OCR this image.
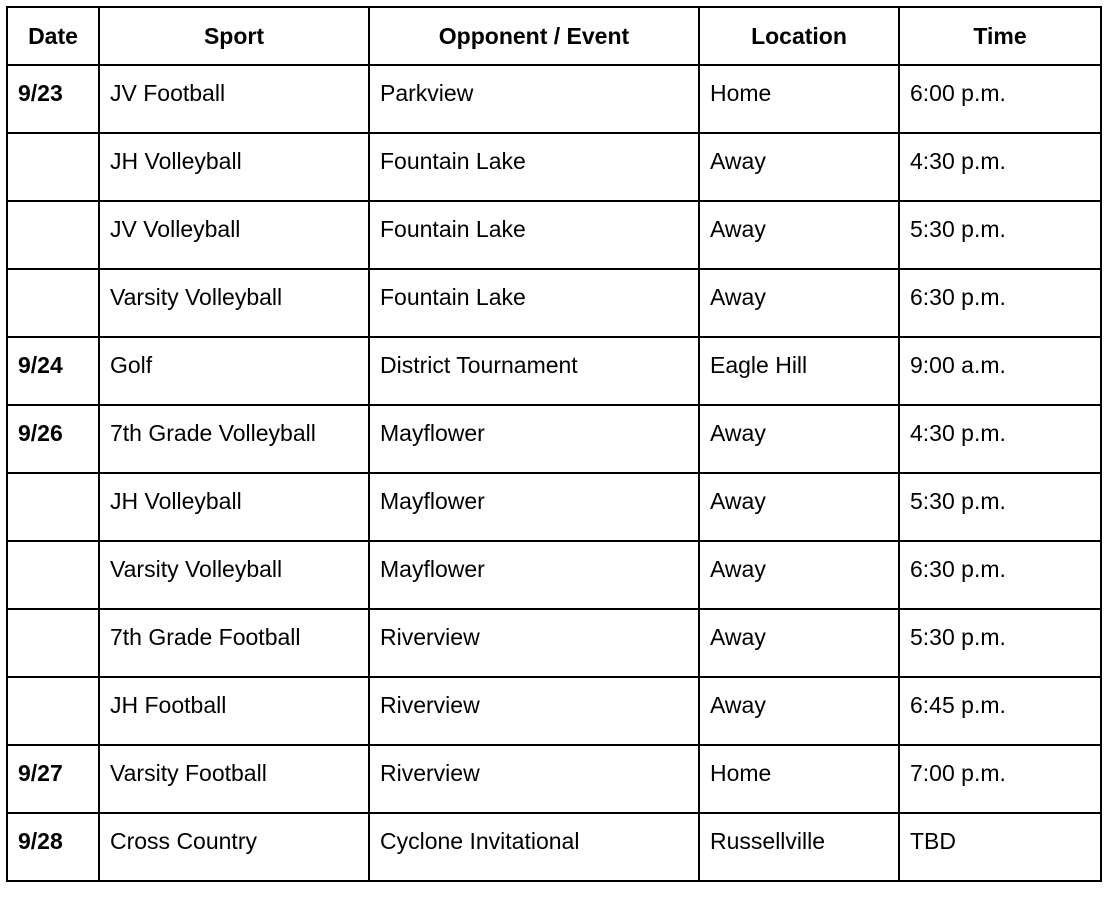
Date	Sport	Opponent / Event	Location	Time
9/23	JV Football	Parkview	Home	6:00 p.m.
	JH Volleyball	Fountain Lake	Away	4:30 p.m.
	JV Volleyball	Fountain Lake	Away	5:30 p.m.
	Varsity Volleyball	Fountain Lake	Away	6:30 p.m.
9/24	Golf	District Tournament	Eagle Hill	9:00 a.m.
9/26	7th Grade Volleyball	Mayflower	Away	4:30 p.m.
	JH Volleyball	Mayflower	Away	5:30 p.m.
	Varsity Volleyball	Mayflower	Away	6:30 p.m.
	7th Grade Football	Riverview	Away	5:30 p.m.
	JH Football	Riverview	Away	6:45 p.m.
9/27	Varsity Football	Riverview	Home	7:00 p.m.
9/28	Cross Country	Cyclone Invitational	Russellville	TBD
